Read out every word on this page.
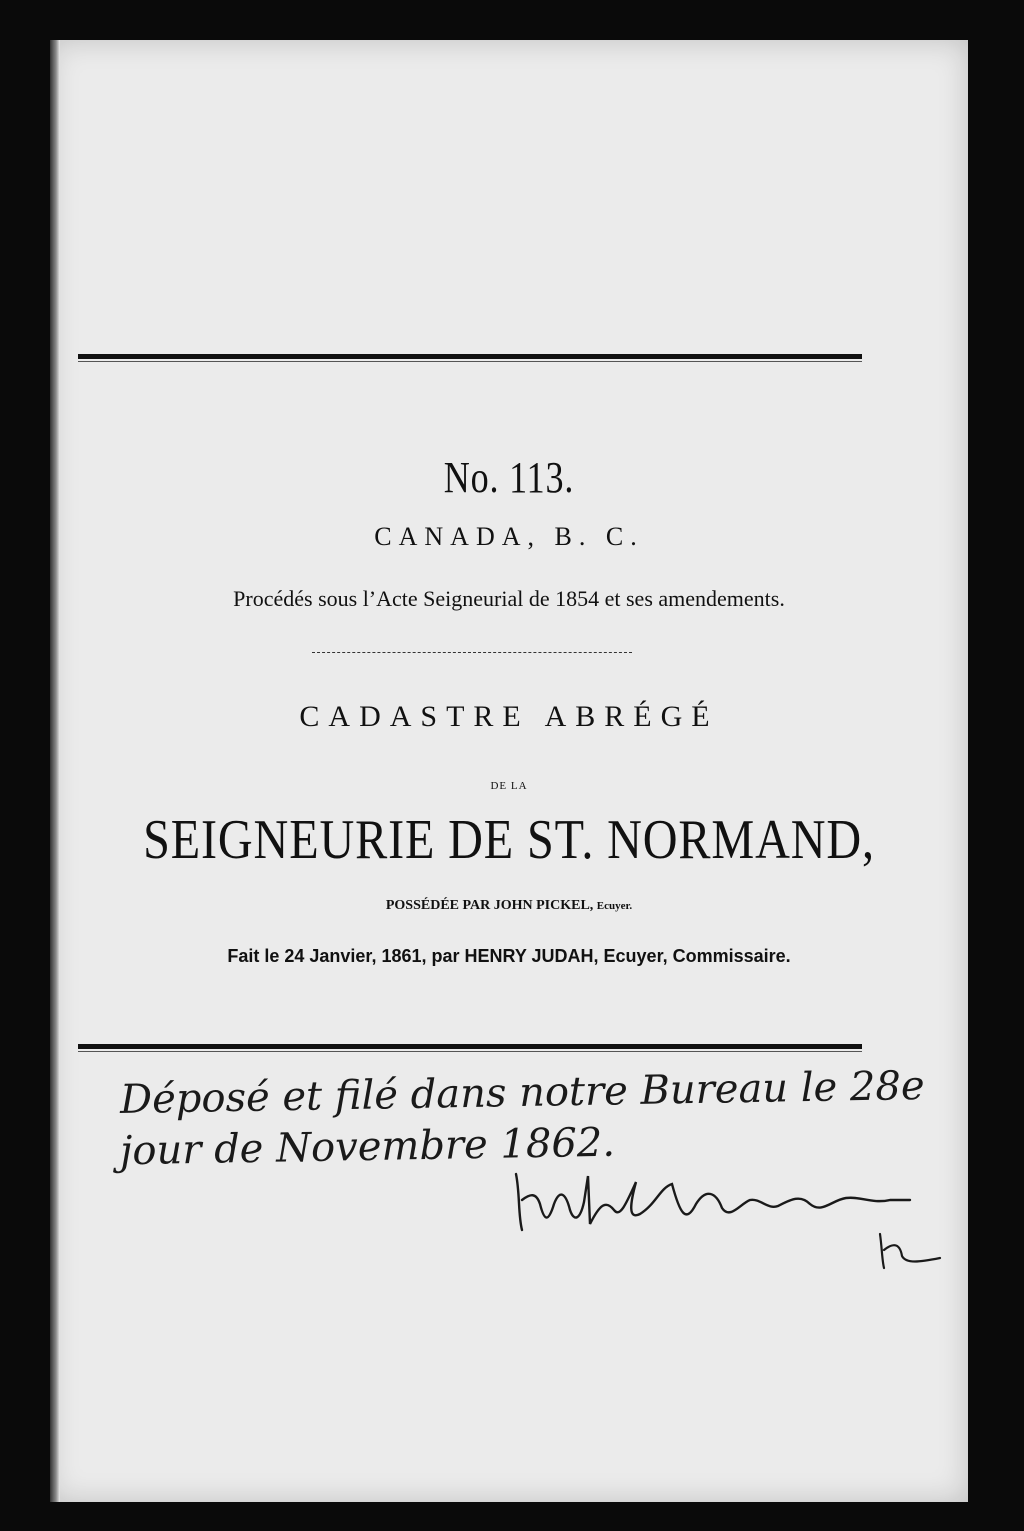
No. 113.
CANADA, B. C.
Procédés sous l’Acte Seigneurial de 1854 et ses amendements.
CADASTRE ABRÉGÉ
DE LA
SEIGNEURIE DE ST. NORMAND,
POSSÉDÉE PAR JOHN PICKEL, Ecuyer.
Fait le 24 Janvier, 1861, par HENRY JUDAH, Ecuyer, Commissaire.
Déposé et filé dans notre Bureau le 28e
jour de Novembre 1862.
